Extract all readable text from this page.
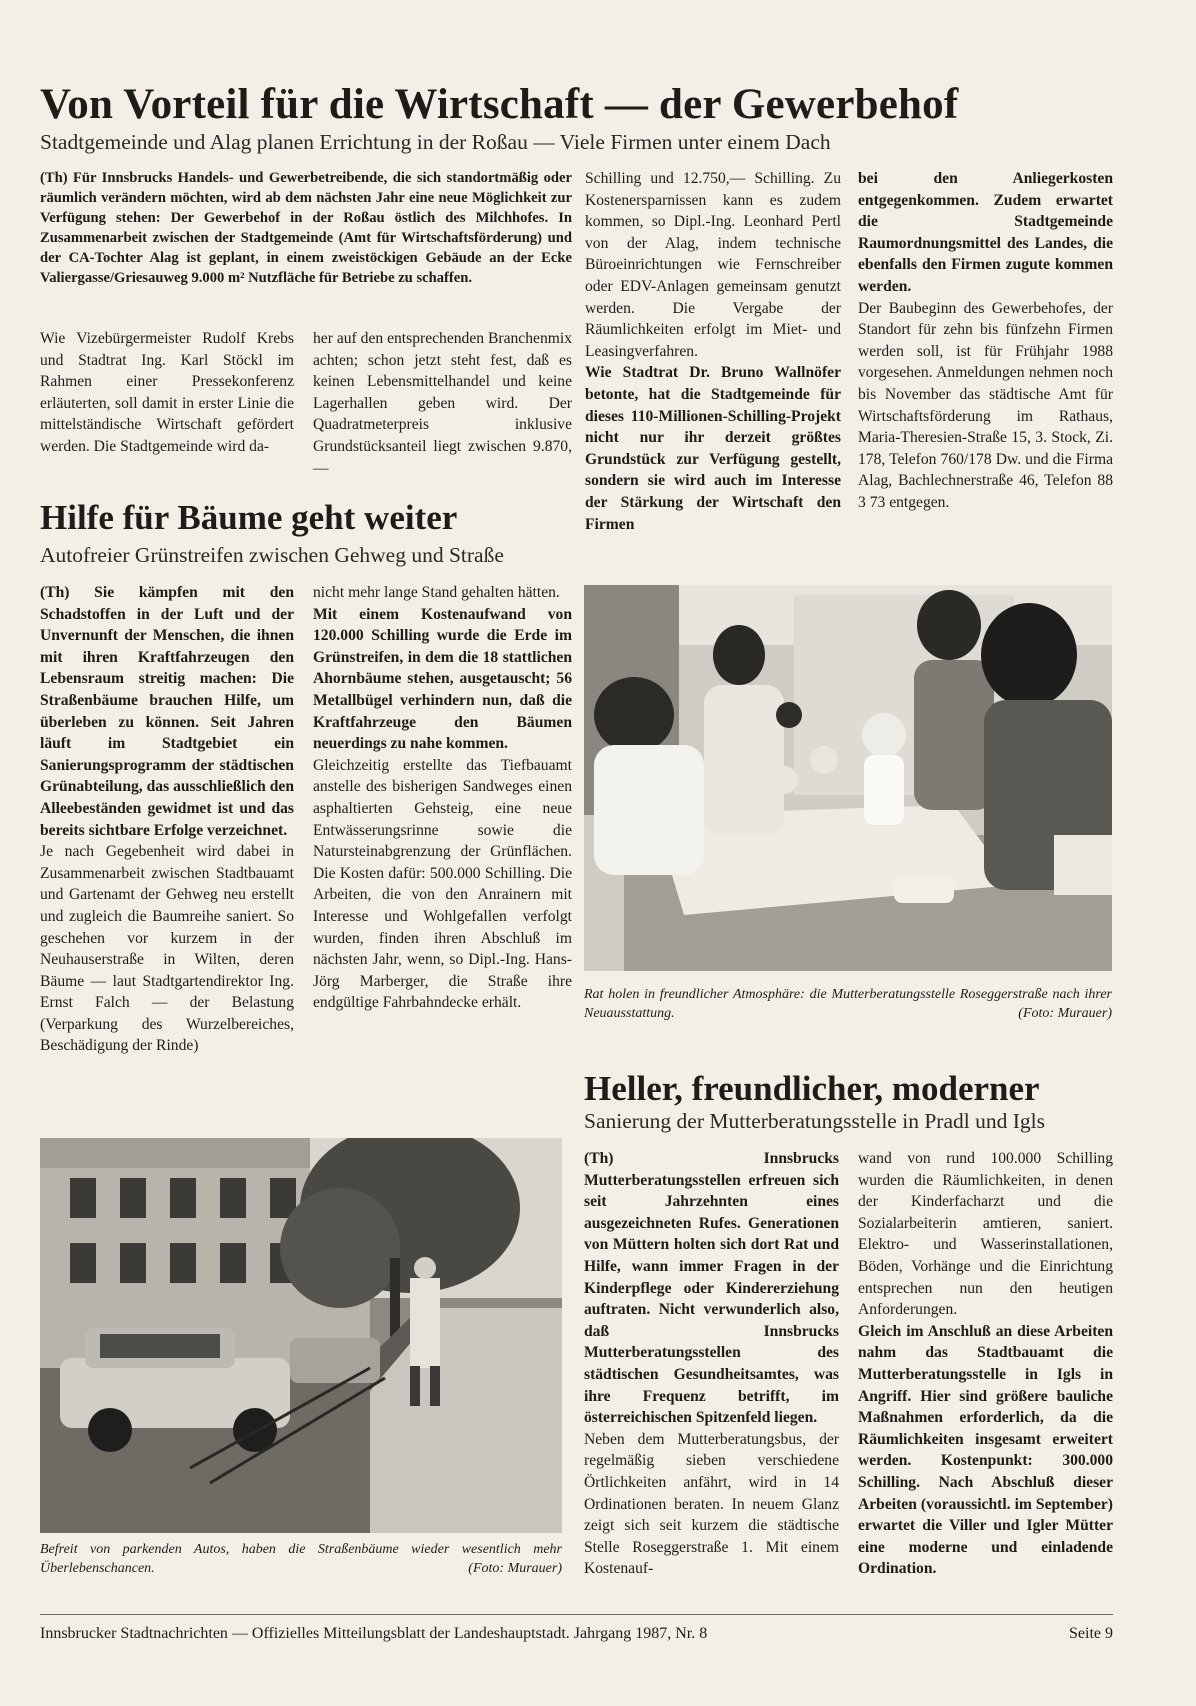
Von Vorteil für die Wirtschaft — der Gewerbehof
Stadtgemeinde und Alag planen Errichtung in der Roßau — Viele Firmen unter einem Dach
(Th) Für Innsbrucks Handels- und Gewerbetreibende, die sich standortmäßig oder räumlich verändern möchten, wird ab dem nächsten Jahr eine neue Möglichkeit zur Verfügung stehen: Der Gewerbehof in der Roßau östlich des Milchhofes. In Zusammenarbeit zwischen der Stadtgemeinde (Amt für Wirtschaftsförderung) und der CA-Tochter Alag ist geplant, in einem zweistöckigen Gebäude an der Ecke Valiergasse/Griesauweg 9.000 m² Nutzfläche für Betriebe zu schaffen.
Wie Vizebürgermeister Rudolf Krebs und Stadtrat Ing. Karl Stöckl im Rahmen einer Pressekonferenz erläuterten, soll damit in erster Linie die mittelständische Wirtschaft gefördert werden. Die Stadtgemeinde wird da-
her auf den entsprechenden Branchenmix achten; schon jetzt steht fest, daß es keinen Lebensmittelhandel und keine Lagerhallen geben wird. Der Quadratmeterpreis inklusive Grundstücksanteil liegt zwischen 9.870,—

Schilling und 12.750,— Schilling. Zu Kostenersparnissen kann es zudem kommen, so Dipl.-Ing. Leonhard Pertl von der Alag, indem technische Büroeinrichtungen wie Fernschreiber oder EDV-Anlagen gemeinsam genutzt werden. Die Vergabe der Räumlichkeiten erfolgt im Miet- und Leasingverfahren.

Wie Stadtrat Dr. Bruno Wallnöfer betonte, hat die Stadtgemeinde für dieses 110-Millionen-Schilling-Projekt nicht nur ihr derzeit größtes Grundstück zur Verfügung gestellt, sondern sie wird auch im Interesse der Stärkung der Wirtschaft den Firmen

bei den Anliegerkosten entgegenkommen. Zudem erwartet die Stadtgemeinde Raumordnungsmittel des Landes, die ebenfalls den Firmen zugute kommen werden.

Der Baubeginn des Gewerbehofes, der Standort für zehn bis fünfzehn Firmen werden soll, ist für Frühjahr 1988 vorgesehen. Anmeldungen nehmen noch bis November das städtische Amt für Wirtschaftsförderung im Rathaus, Maria-Theresien-Straße 15, 3. Stock, Zi. 178, Telefon 760/178 Dw. und die Firma Alag, Bachlechnerstraße 46, Telefon 88 3 73 entgegen.

Hilfe für Bäume geht weiter
Autofreier Grünstreifen zwischen Gehweg und Straße

(Th) Sie kämpfen mit den Schadstoffen in der Luft und der Unvernunft der Menschen, die ihnen mit ihren Kraftfahrzeugen den Lebensraum streitig machen: Die Straßenbäume brauchen Hilfe, um überleben zu können. Seit Jahren läuft im Stadtgebiet ein Sanierungsprogramm der städtischen Grünabteilung, das ausschließlich den Alleebeständen gewidmet ist und das bereits sichtbare Erfolge verzeichnet.

Je nach Gegebenheit wird dabei in Zusammenarbeit zwischen Stadtbauamt und Gartenamt der Gehweg neu erstellt und zugleich die Baumreihe saniert. So geschehen vor kurzem in der Neuhauserstraße in Wilten, deren Bäume — laut Stadtgartendirektor Ing. Ernst Falch — der Belastung (Verparkung des Wurzelbereiches, Beschädigung der Rinde)

nicht mehr lange Stand gehalten hätten.

Mit einem Kostenaufwand von 120.000 Schilling wurde die Erde im Grünstreifen, in dem die 18 stattlichen Ahornbäume stehen, ausgetauscht; 56 Metallbügel verhindern nun, daß die Kraftfahrzeuge den Bäumen neuerdings zu nahe kommen.

Gleichzeitig erstellte das Tiefbauamt anstelle des bisherigen Sandweges einen asphaltierten Gehsteig, eine neue Entwässerungsrinne sowie die Natursteinabgrenzung der Grünflächen. Die Kosten dafür: 500.000 Schilling. Die Arbeiten, die von den Anrainern mit Interesse und Wohlgefallen verfolgt wurden, finden ihren Abschluß im nächsten Jahr, wenn, so Dipl.-Ing. Hans-Jörg Marberger, die Straße ihre endgültige Fahrbahndecke erhält.

Befreit von parkenden Autos, haben die Straßenbäume wieder wesentlich mehr Überlebenschancen.	(Foto: Murauer)
Rat holen in freundlicher Atmosphäre: die Mutterberatungsstelle Roseggerstraße nach ihrer Neuausstattung.	(Foto: Murauer)
Heller, freundlicher, moderner
Sanierung der Mutterberatungsstelle in Pradl und Igls

(Th) Innsbrucks Mutterberatungsstellen erfreuen sich seit Jahrzehnten eines ausgezeichneten Rufes. Generationen von Müttern holten sich dort Rat und Hilfe, wann immer Fragen in der Kinderpflege oder Kindererziehung auftraten. Nicht verwunderlich also, daß Innsbrucks Mutterberatungsstellen des städtischen Gesundheitsamtes, was ihre Frequenz betrifft, im österreichischen Spitzenfeld liegen.

Neben dem Mutterberatungsbus, der regelmäßig sieben verschiedene Örtlichkeiten anfährt, wird in 14 Ordinationen beraten. In neuem Glanz zeigt sich seit kurzem die städtische Stelle Roseggerstraße 1. Mit einem Kostenauf-

wand von rund 100.000 Schilling wurden die Räumlichkeiten, in denen der Kinderfacharzt und die Sozialarbeiterin amtieren, saniert. Elektro- und Wasserinstallationen, Böden, Vorhänge und die Einrichtung entsprechen nun den heutigen Anforderungen.

Gleich im Anschluß an diese Arbeiten nahm das Stadtbauamt die Mutterberatungsstelle in Igls in Angriff. Hier sind größere bauliche Maßnahmen erforderlich, da die Räumlichkeiten insgesamt erweitert werden. Kostenpunkt: 300.000 Schilling. Nach Abschluß dieser Arbeiten (voraussichtl. im September) erwartet die Viller und Igler Mütter eine moderne und einladende Ordination.

Innsbrucker Stadtnachrichten — Offizielles Mitteilungsblatt der Landeshauptstadt. Jahrgang 1987, Nr. 8	Seite 9
